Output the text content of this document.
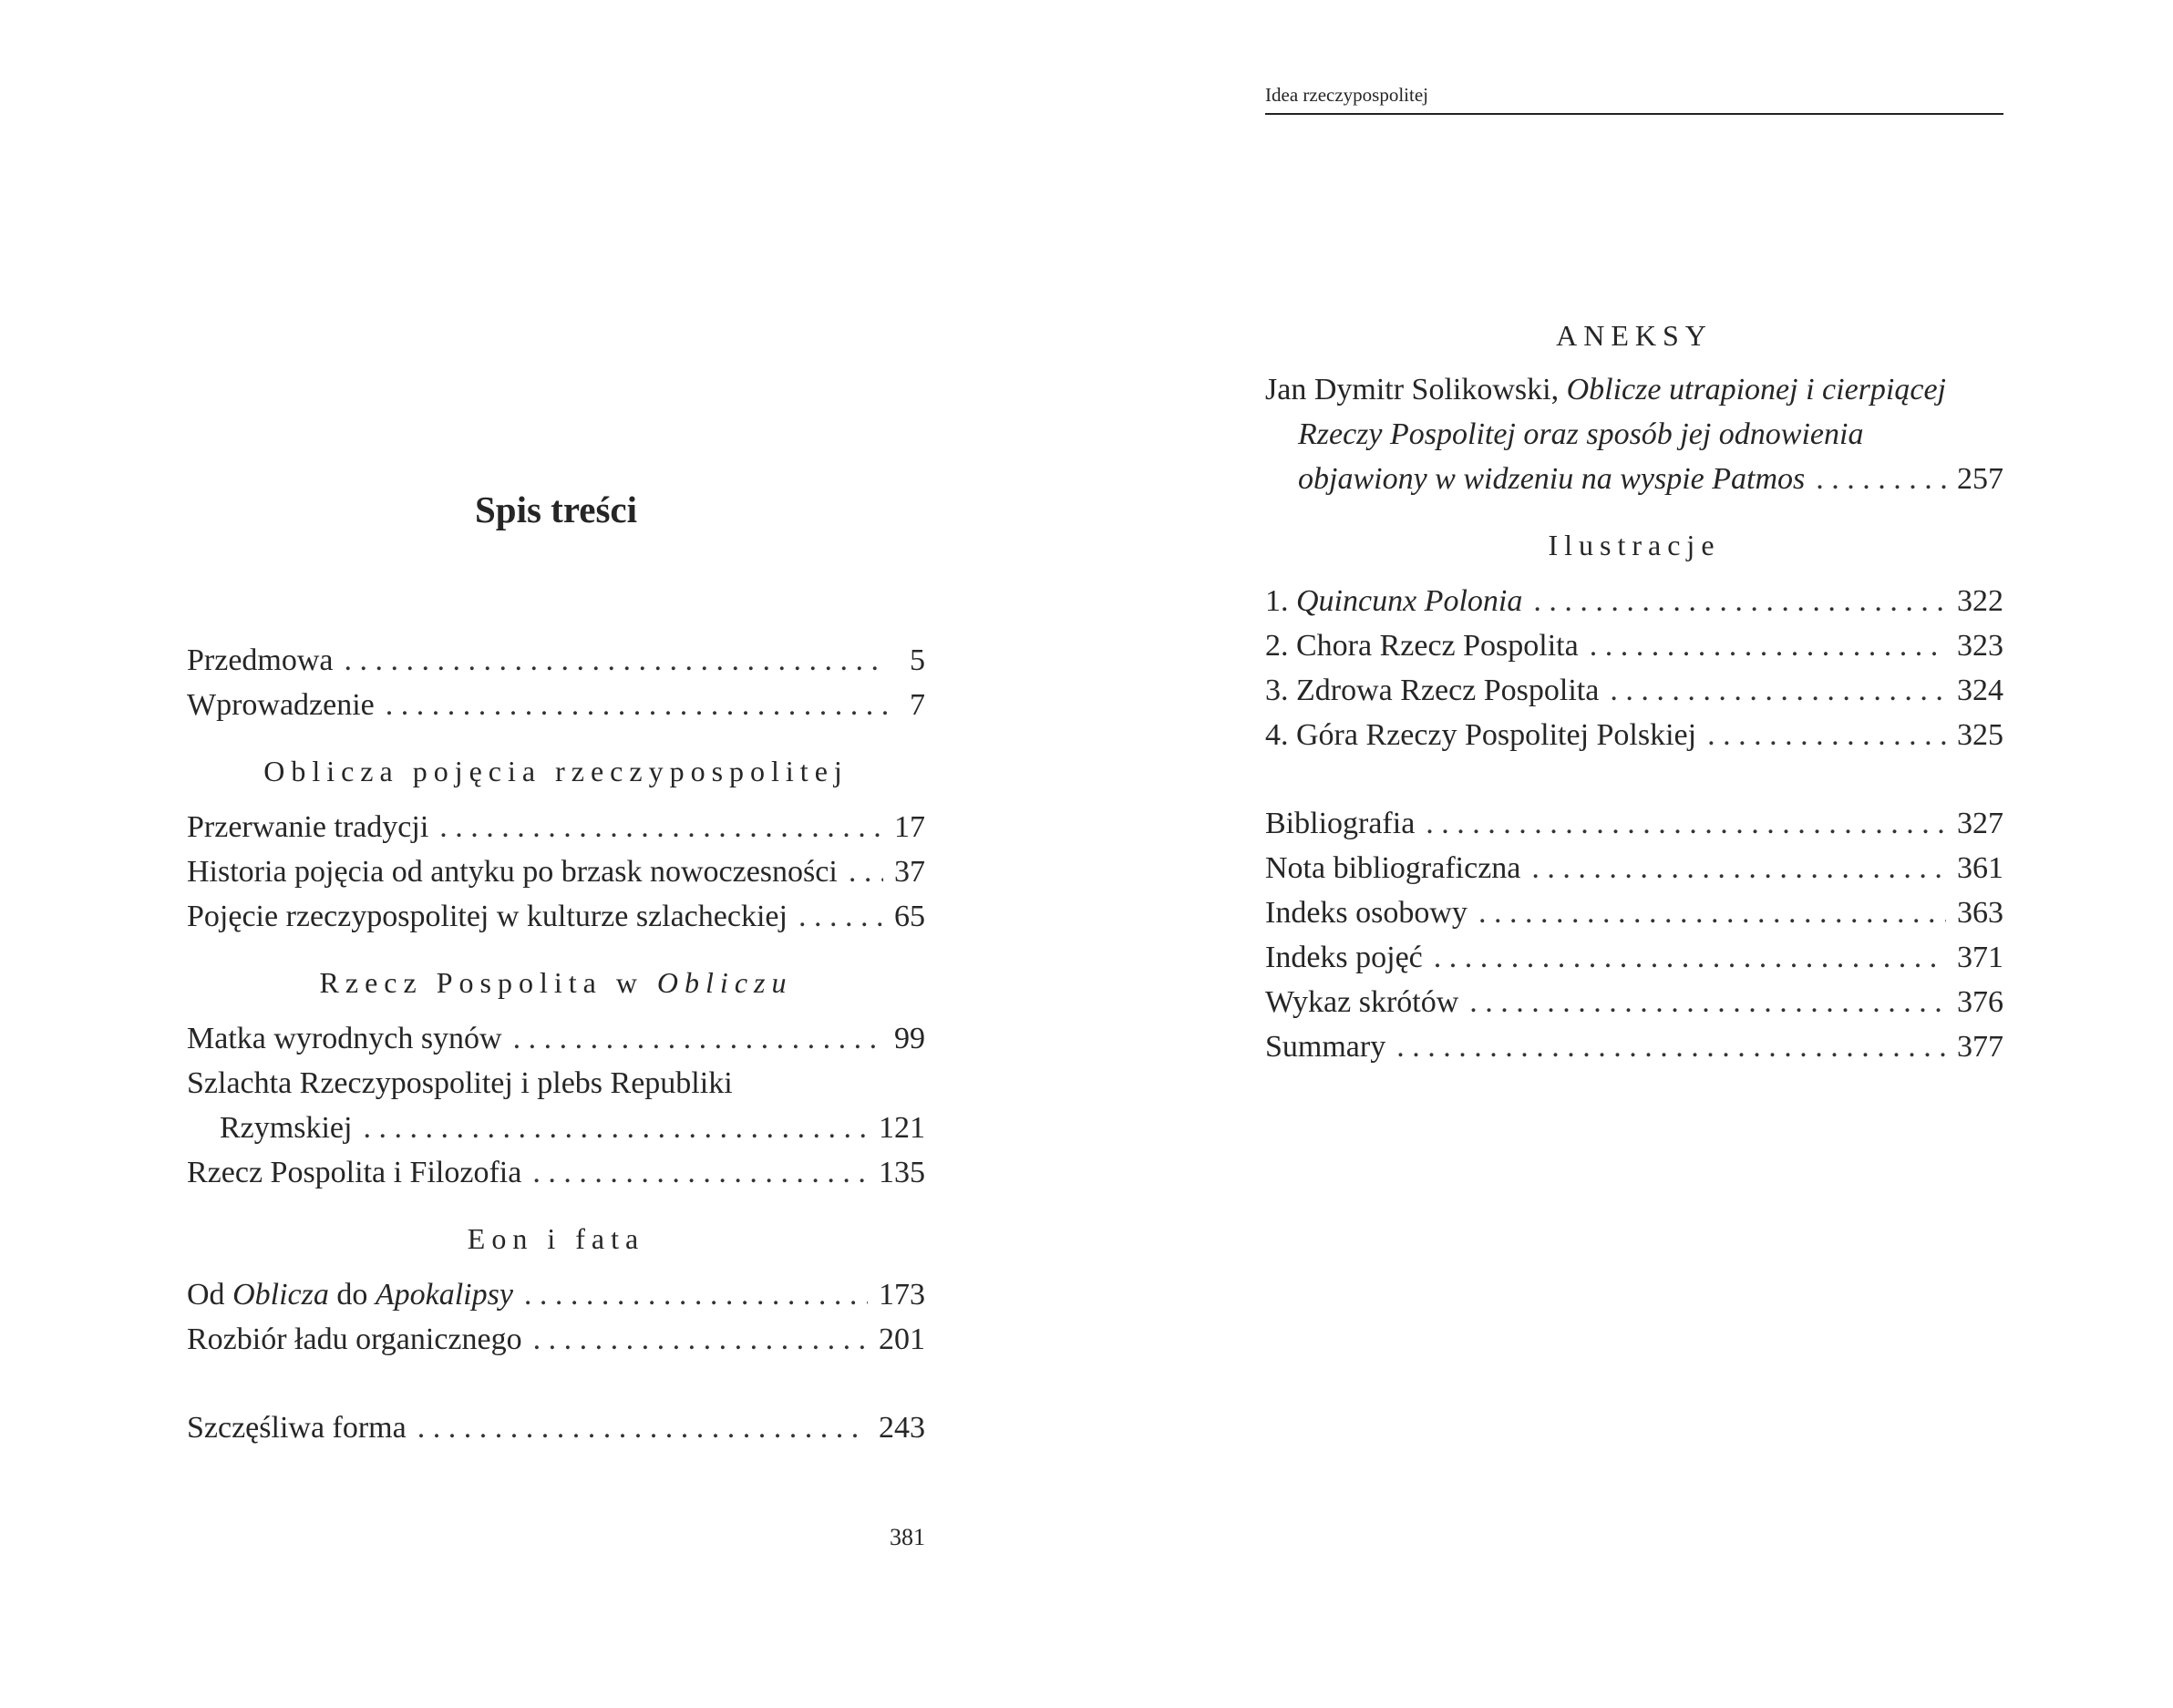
Spis treści
Przedmowa . . .	5
Wprowadzenie . . .	7
Oblicza pojęcia rzeczypospolitej
Przerwanie tradycji . . .	17
Historia pojęcia od antyku po brzask nowoczesności . . . 37
Pojęcie rzeczypospolitej w kulturze szlacheckiej . . .	65
Rzecz Pospolita w Obliczu
Matka wyrodnych synów . . .	99
Szlachta Rzeczypospolitej i plebs Republiki
Rzymskiej . . .	121
Rzecz Pospolita i Filozofia . . .	135
Eon i fata
Od Oblicza do Apokalipsy . . .	173
Rozbiór ładu organicznego . . .	201
Szczęśliwa forma . . .	243
381
Idea rzeczypospolitej
ANEKSY
Jan Dymitr Solikowski, Oblicze utrapionej i cierpiącej
Rzeczy Pospolitej oraz sposób jej odnowienia
objawiony w widzeniu na wyspie Patmos . . .	257
Ilustracje
1. Quincunx Polonia . . .	322
2. Chora Rzecz Pospolita . . .	323
3. Zdrowa Rzecz Pospolita . . .	324
4. Góra Rzeczy Pospolitej Polskiej . . .	325
Bibliografia . . .	327
Nota bibliograficzna . . .	361
Indeks osobowy . . .	363
Indeks pojęć . . .	371
Wykaz skrótów . . .	376
Summary . . .	377
